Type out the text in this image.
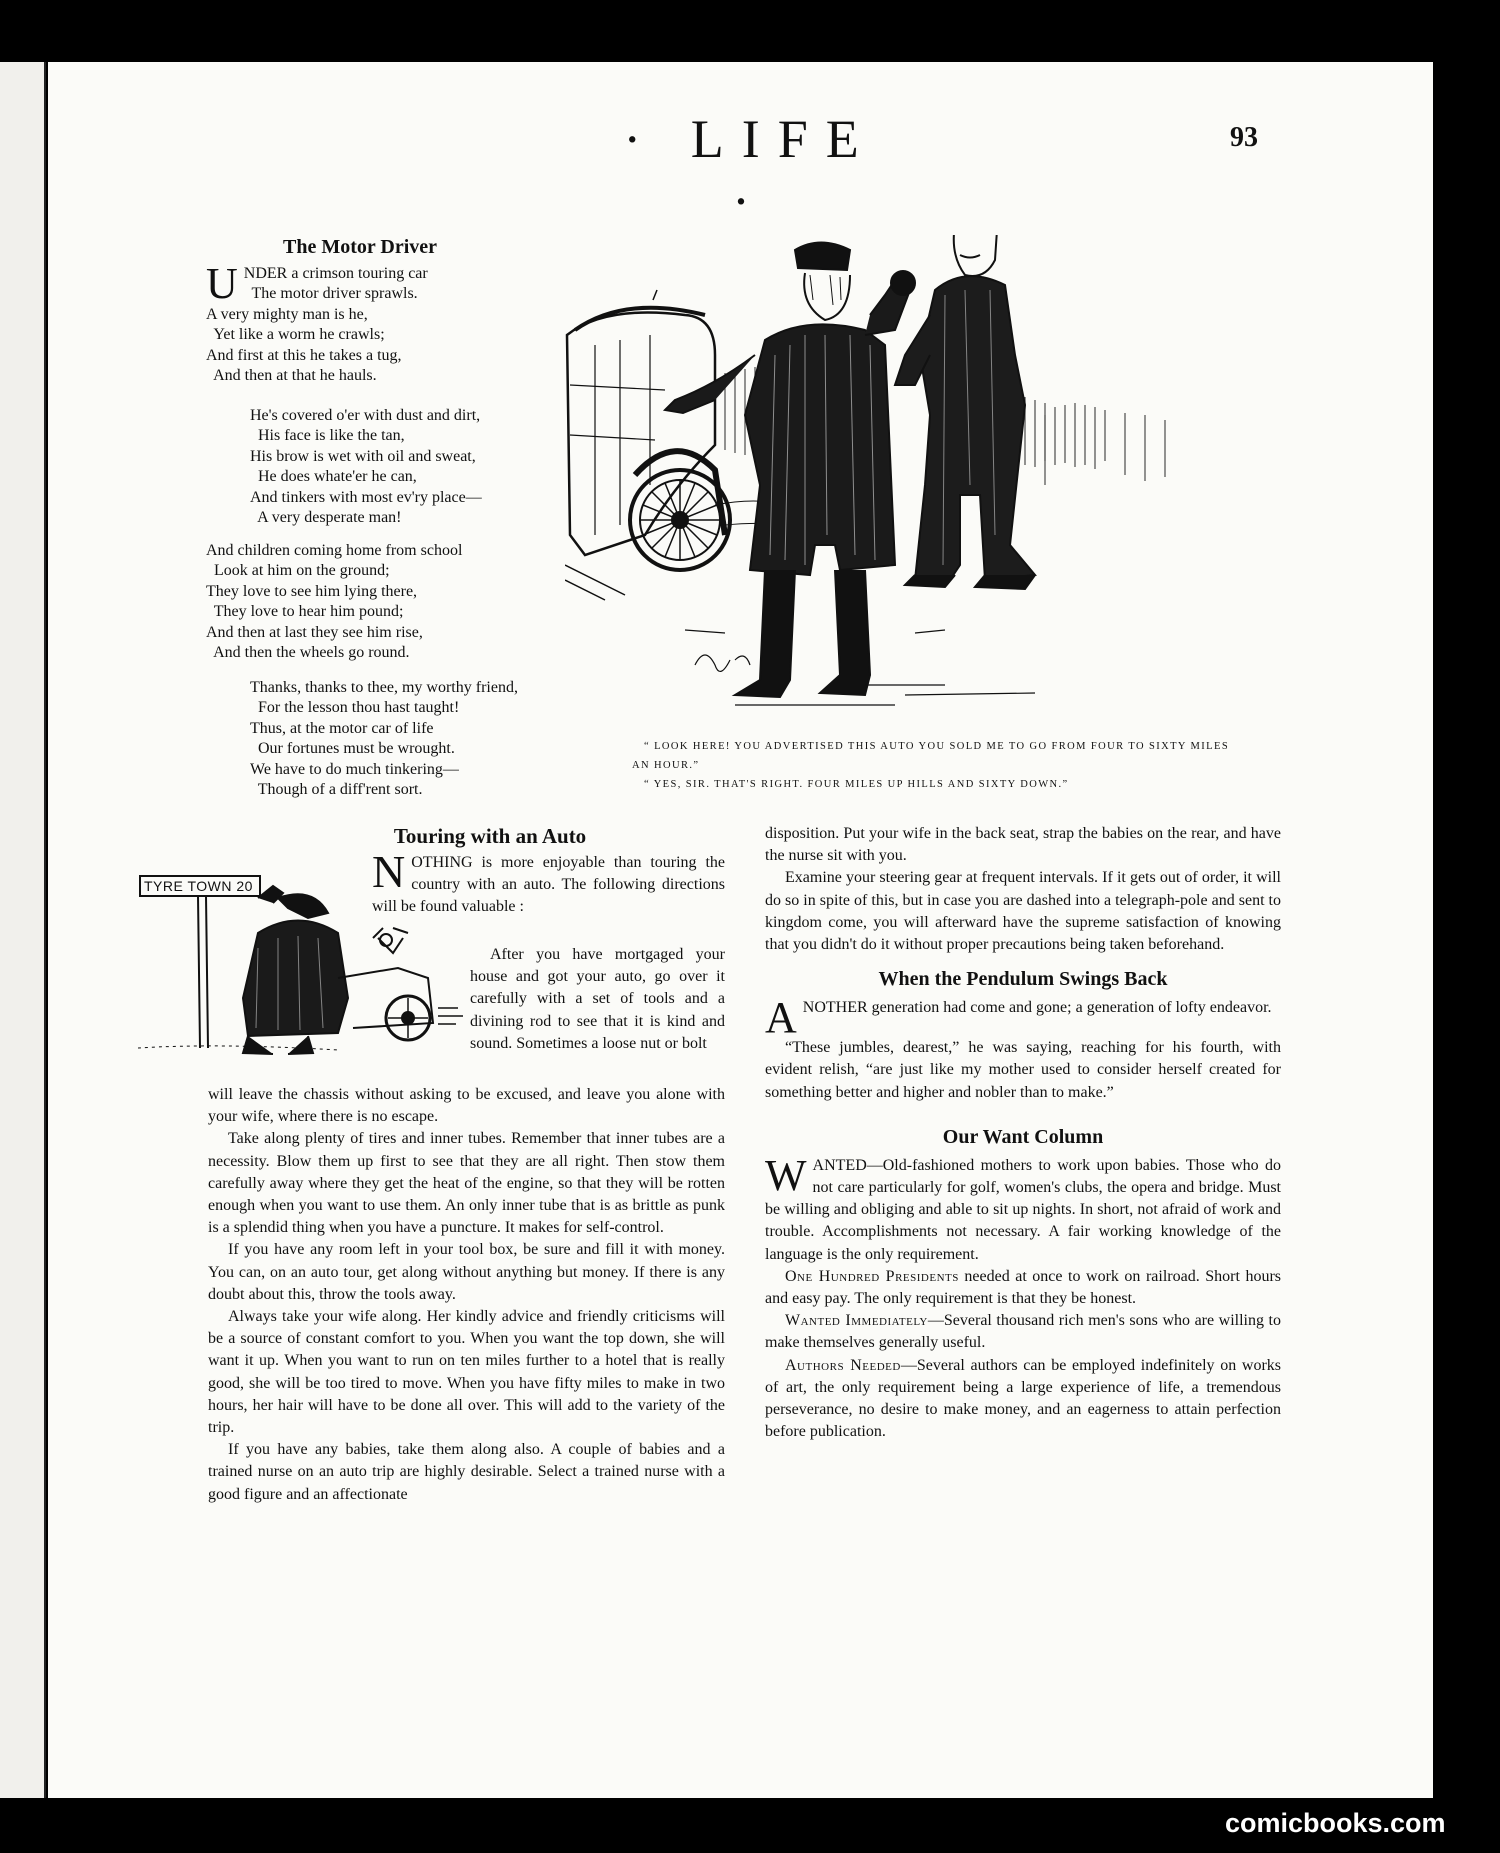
· LIFE ·
93
The Motor Driver
U NDER a crimson touring car
The motor driver sprawls.
A very mighty man is he,
Yet like a worm he crawls;
And first at this he takes a tug,
And then at that he hauls.
He's covered o'er with dust and dirt,
His face is like the tan,
His brow is wet with oil and sweat,
He does whate'er he can,
And tinkers with most ev'ry place—
A very desperate man!
And children coming home from school
Look at him on the ground;
They love to see him lying there,
They love to hear him pound;
And then at last they see him rise,
And then the wheels go round.
Thanks, thanks to thee, my worthy friend,
For the lesson thou hast taught!
Thus, at the motor car of life
Our fortunes must be wrought.
We have to do much tinkering—
Though of a diff'rent sort.
“ LOOK HERE! YOU ADVERTISED THIS AUTO YOU SOLD ME TO GO FROM FOUR TO SIXTY MILES AN HOUR.”
“ YES, SIR. THAT'S RIGHT. FOUR MILES UP HILLS AND SIXTY DOWN.”
Touring with an Auto
TYRE TOWN 20	NOTHING is more enjoyable than touring the country with an auto. The following directions will be found valuable :

After you have mortgaged your house and got your auto, go over it carefully with a set of tools and a divining rod to see that it is kind and sound. Sometimes a loose nut or bolt

will leave the chassis without asking to be excused, and leave you alone with your wife, where there is no escape.

Take along plenty of tires and inner tubes. Remember that inner tubes are a necessity. Blow them up first to see that they are all right. Then stow them carefully away where they get the heat of the engine, so that they will be rotten enough when you want to use them. An only inner tube that is as brittle as punk is a splendid thing when you have a puncture. It makes for self-control.

If you have any room left in your tool box, be sure and fill it with money. You can, on an auto tour, get along without anything but money. If there is any doubt about this, throw the tools away.

Always take your wife along. Her kindly advice and friendly criticisms will be a source of constant comfort to you. When you want the top down, she will want it up. When you want to run on ten miles further to a hotel that is really good, she will be too tired to move. When you have fifty miles to make in two hours, her hair will have to be done all over. This will add to the variety of the trip.

If you have any babies, take them along also. A couple of babies and a trained nurse on an auto trip are highly desirable. Select a trained nurse with a good figure and an affectionate

disposition. Put your wife in the back seat, strap the babies on the rear, and have the nurse sit with you.

Examine your steering gear at frequent intervals. If it gets out of order, it will do so in spite of this, but in case you are dashed into a telegraph-pole and sent to kingdom come, you will afterward have the supreme satisfaction of knowing that you didn't do it without proper precautions being taken beforehand.

When the Pendulum Swings Back

ANOTHER generation had come and gone; a generation of lofty endeavor.

“These jumbles, dearest,” he was saying, reaching for his fourth, with evident relish, “are just like my mother used to consider herself created for something better and higher and nobler than to make.”

Our Want Column

WANTED—Old-fashioned mothers to work upon babies. Those who do not care particularly for golf, women's clubs, the opera and bridge. Must be willing and obliging and able to sit up nights. In short, not afraid of work and trouble. Accomplishments not necessary. A fair working knowledge of the language is the only requirement.

One Hundred Presidents needed at once to work on railroad. Short hours and easy pay. The only requirement is that they be honest.

Wanted Immediately—Several thousand rich men's sons who are willing to make themselves generally useful.

Authors Needed—Several authors can be employed indefinitely on works of art, the only requirement being a large experience of life, a tremendous perseverance, no desire to make money, and an eagerness to attain perfection before publication.

comicbooks.com
